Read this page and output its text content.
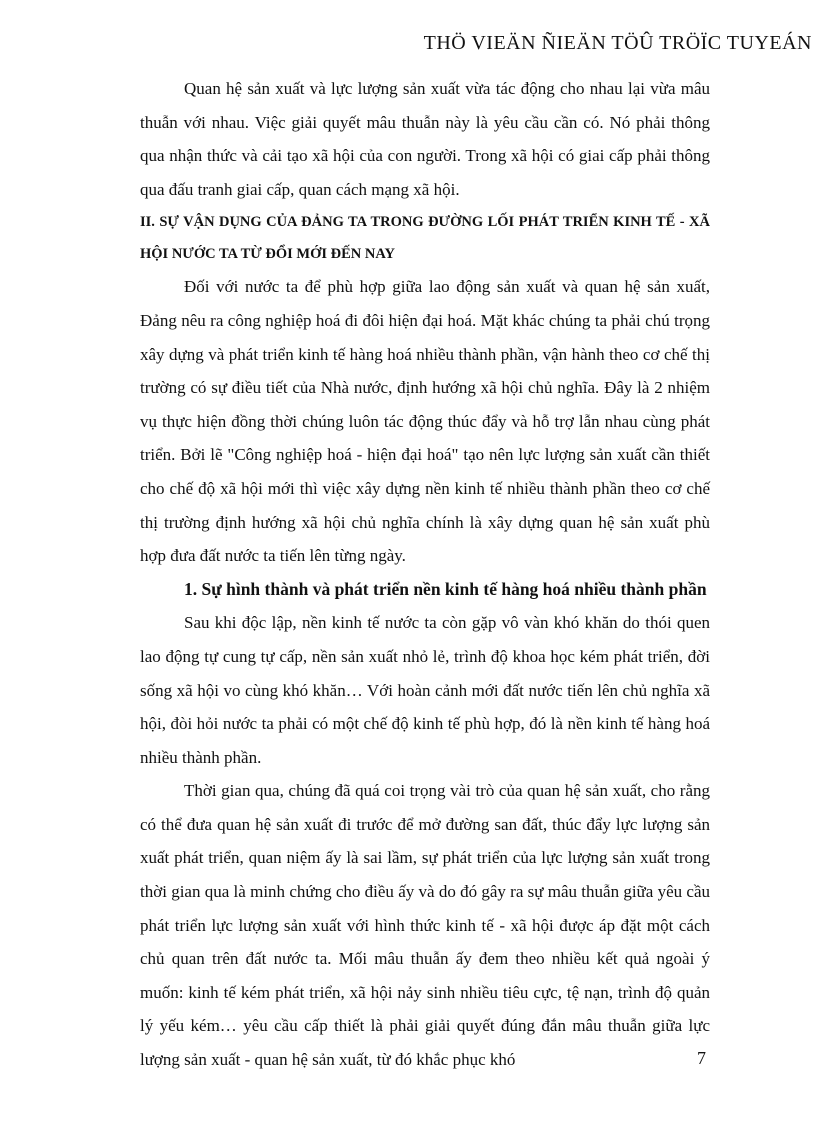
THÖ VIEÄN ÑIEÄN TÖÛ TRÖÏC TUYEÁN

Quan hệ sản xuất và lực lượng sản xuất vừa tác động cho nhau lại vừa mâu thuẫn với nhau. Việc giải quyết mâu thuẫn này là yêu cầu cần có. Nó phải thông qua nhận thức và cải tạo xã hội của con người. Trong xã hội có giai cấp phải thông qua đấu tranh giai cấp, quan cách mạng xã hội.

II. SỰ VẬN DỤNG CỦA ĐẢNG TA TRONG ĐƯỜNG LỐI PHÁT TRIỂN KINH TẾ - XÃ HỘI NƯỚC TA TỪ ĐỔI MỚI ĐẾN NAY

Đối với nước ta để phù hợp giữa lao động sản xuất và quan hệ sản xuất, Đảng nêu ra công nghiệp hoá đi đôi hiện đại hoá. Mặt khác chúng ta phải chú trọng xây dựng và phát triển kinh tế hàng hoá nhiều thành phần, vận hành theo cơ chế thị trường có sự điều tiết của Nhà nước, định hướng xã hội chủ nghĩa. Đây là 2 nhiệm vụ thực hiện đồng thời chúng luôn tác động thúc đẩy và hỗ trợ lẫn nhau cùng phát triển. Bởi lẽ "Công nghiệp hoá - hiện đại hoá" tạo nên lực lượng sản xuất cần thiết cho chế độ xã hội mới thì việc xây dựng nền kinh tế nhiều thành phần theo cơ chế thị trường định hướng xã hội chủ nghĩa chính là xây dựng quan hệ sản xuất phù hợp đưa đất nước ta tiến lên từng ngày.

1. Sự hình thành và phát triển nền kinh tế hàng hoá nhiều thành phần

Sau khi độc lập, nền kinh tế nước ta còn gặp vô vàn khó khăn do thói quen lao động tự cung tự cấp, nền sản xuất nhỏ lẻ, trình độ khoa học kém phát triển, đời sống xã hội vo cùng khó khăn… Với hoàn cảnh mới đất nước tiến lên chủ nghĩa xã hội, đòi hỏi nước ta phải có một chế độ kinh tế phù hợp, đó là nền kinh tế hàng hoá nhiều thành phần.

Thời gian qua, chúng đã quá coi trọng vài trò của quan hệ sản xuất, cho rằng có thể đưa quan hệ sản xuất đi trước để mở đường san đất, thúc đẩy lực lượng sản xuất phát triển, quan niệm ấy là sai lầm, sự phát triển của lực lượng sản xuất trong thời gian qua là minh chứng cho điều ấy và do đó gây ra sự mâu thuẫn giữa yêu cầu phát triển lực lượng sản xuất với hình thức kinh tế - xã hội được áp đặt một cách chủ quan trên đất nước ta. Mối mâu thuẫn ấy đem theo nhiều kết quả ngoài ý muốn: kinh tế kém phát triển, xã hội nảy sinh nhiều tiêu cực, tệ nạn, trình độ quản lý yếu kém… yêu cầu cấp thiết là phải giải quyết đúng đắn mâu thuẫn giữa lực lượng sản xuất - quan hệ sản xuất, từ đó khắc phục khó	7
